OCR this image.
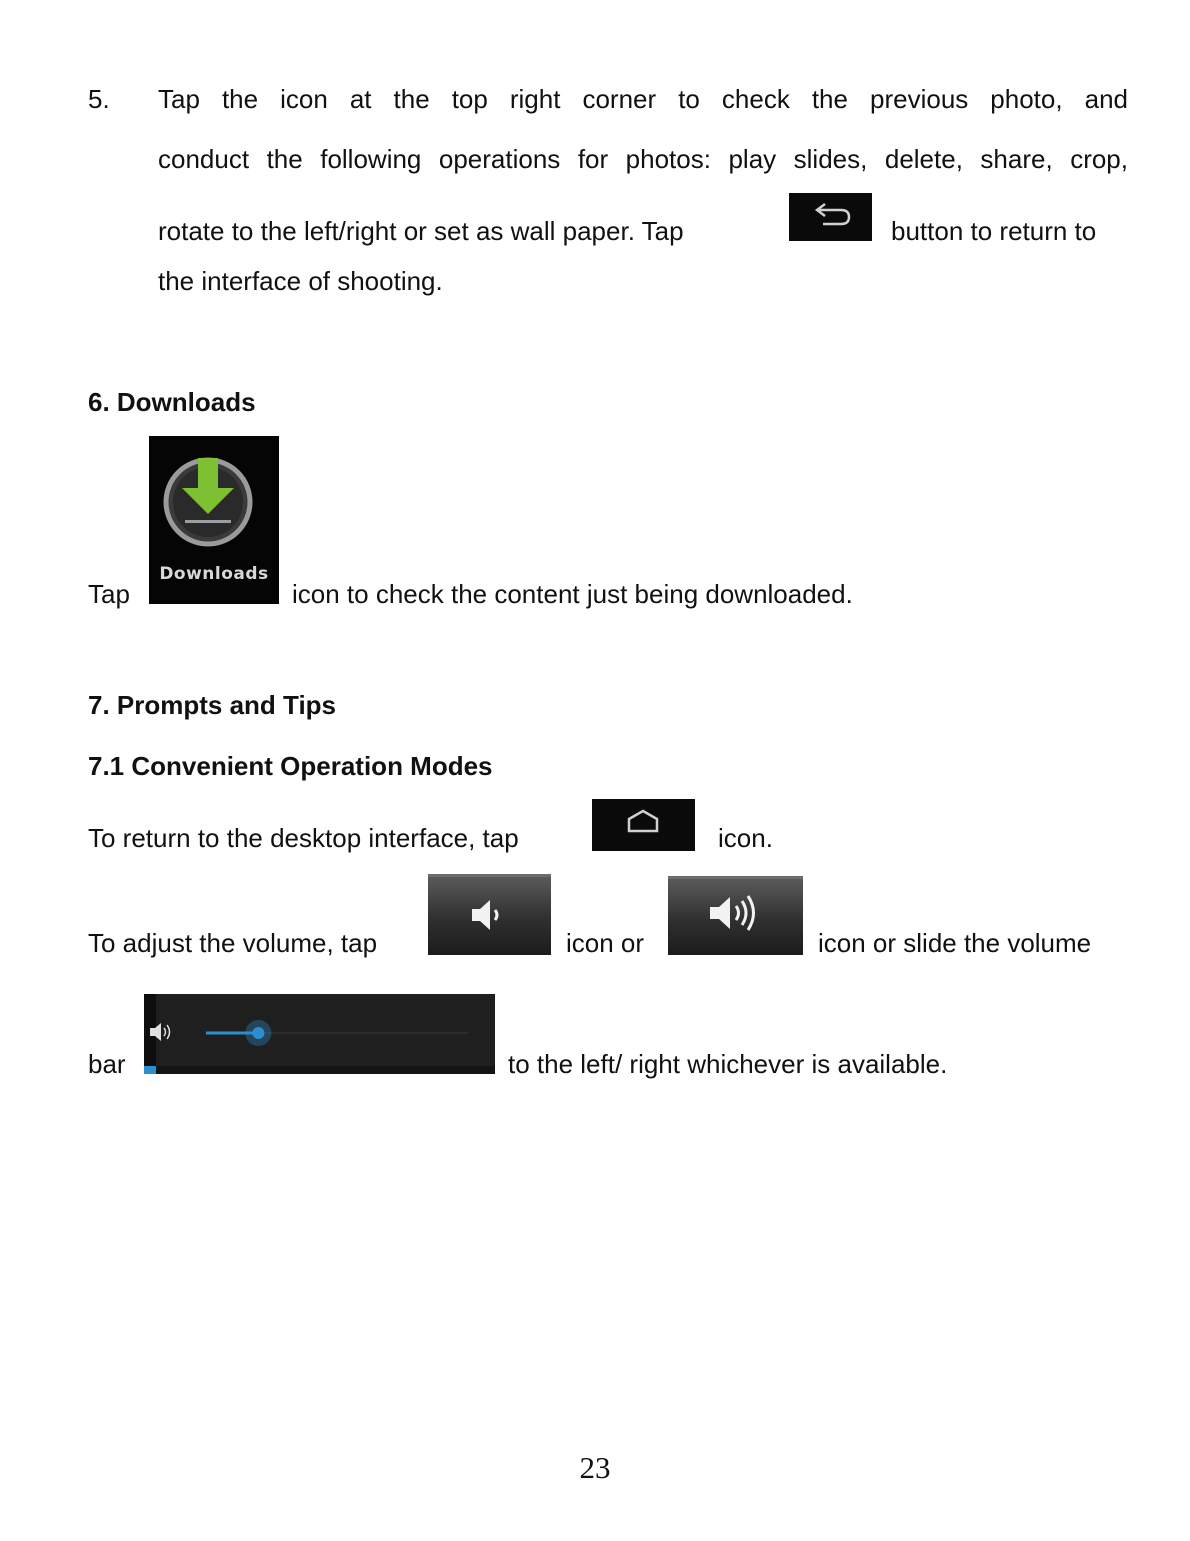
5. Tap the icon at the top right corner to check the previous photo, and
conduct the following operations for photos: play slides, delete, share, crop,
rotate to the left/right or set as wall paper. Tap	button to return to
the interface of shooting.
6. Downloads
Tap
Downloads
icon to check the content just being downloaded.
7. Prompts and Tips
7.1 Convenient Operation Modes
To return to the desktop interface, tap	icon.
To adjust the volume, tap	icon or	icon or slide the volume
bar	to the left/ right whichever is available.
23
